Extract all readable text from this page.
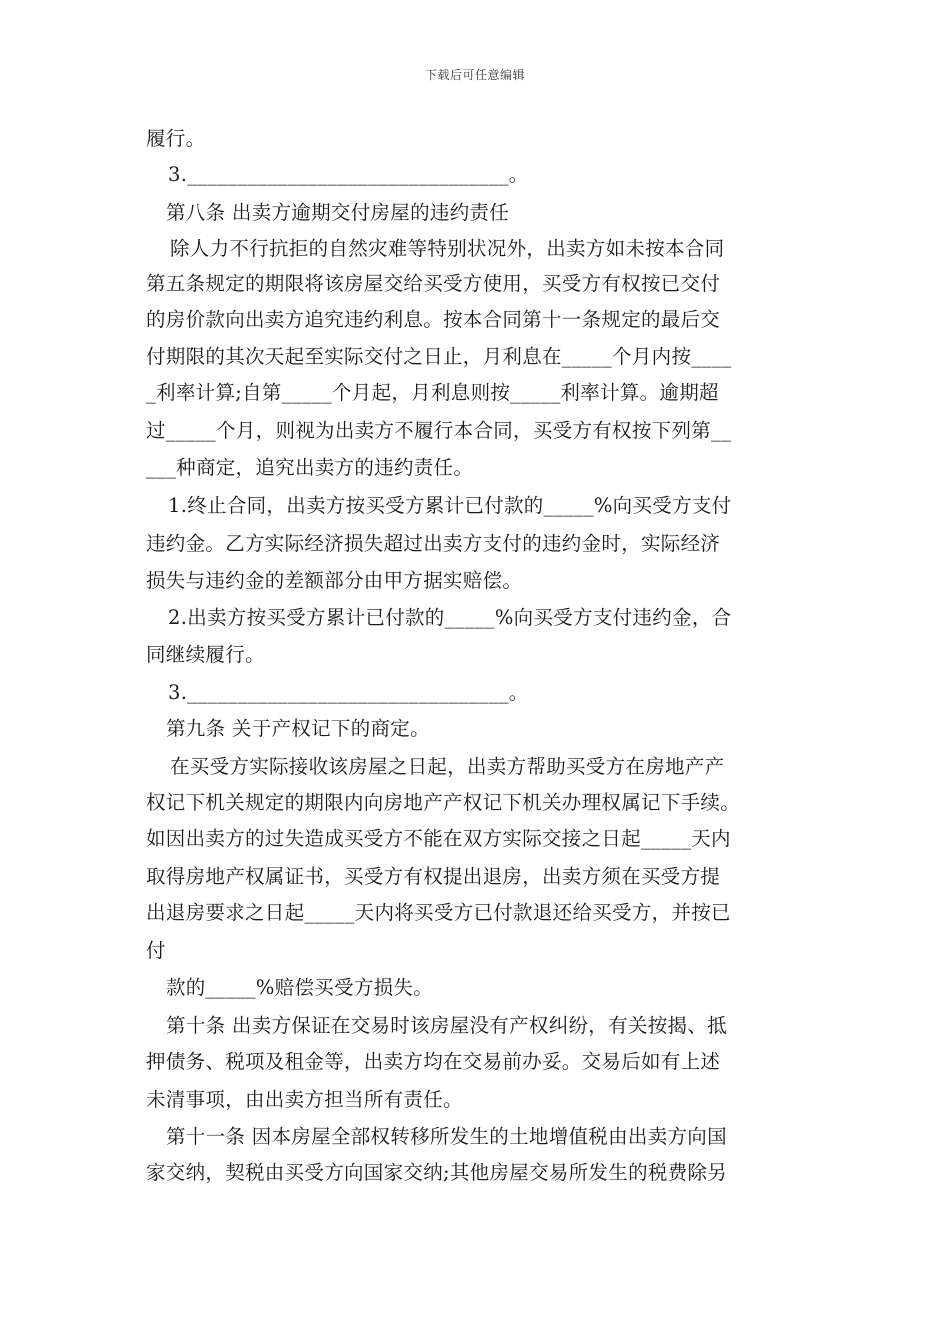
下载后可任意编辑
履行。
3.________________________________。
第八条 出卖方逾期交付房屋的违约责任
除人力不行抗拒的自然灾难等特别状况外，出卖方如未按本合同
第五条规定的期限将该房屋交给买受方使用，买受方有权按已交付
的房价款向出卖方追究违约利息。按本合同第十一条规定的最后交
付期限的其次天起至实际交付之日止，月利息在_____个月内按____
_利率计算;自第_____个月起，月利息则按_____利率计算。逾期超
过_____个月，则视为出卖方不履行本合同，买受方有权按下列第__
___种商定，追究出卖方的违约责任。
1.终止合同，出卖方按买受方累计已付款的_____%向买受方支付
违约金。乙方实际经济损失超过出卖方支付的违约金时，实际经济
损失与违约金的差额部分由甲方据实赔偿。
2.出卖方按买受方累计已付款的_____%向买受方支付违约金，合
同继续履行。
3.________________________________。
第九条 关于产权记下的商定。
在买受方实际接收该房屋之日起，出卖方帮助买受方在房地产产
权记下机关规定的期限内向房地产产权记下机关办理权属记下手续。
如因出卖方的过失造成买受方不能在双方实际交接之日起_____天内
取得房地产权属证书，买受方有权提出退房，出卖方须在买受方提
出退房要求之日起_____天内将买受方已付款退还给买受方，并按已
付
款的_____%赔偿买受方损失。
第十条 出卖方保证在交易时该房屋没有产权纠纷，有关按揭、抵
押债务、税项及租金等，出卖方均在交易前办妥。交易后如有上述
未清事项，由出卖方担当所有责任。
第十一条 因本房屋全部权转移所发生的土地增值税由出卖方向国
家交纳，契税由买受方向国家交纳;其他房屋交易所发生的税费除另
